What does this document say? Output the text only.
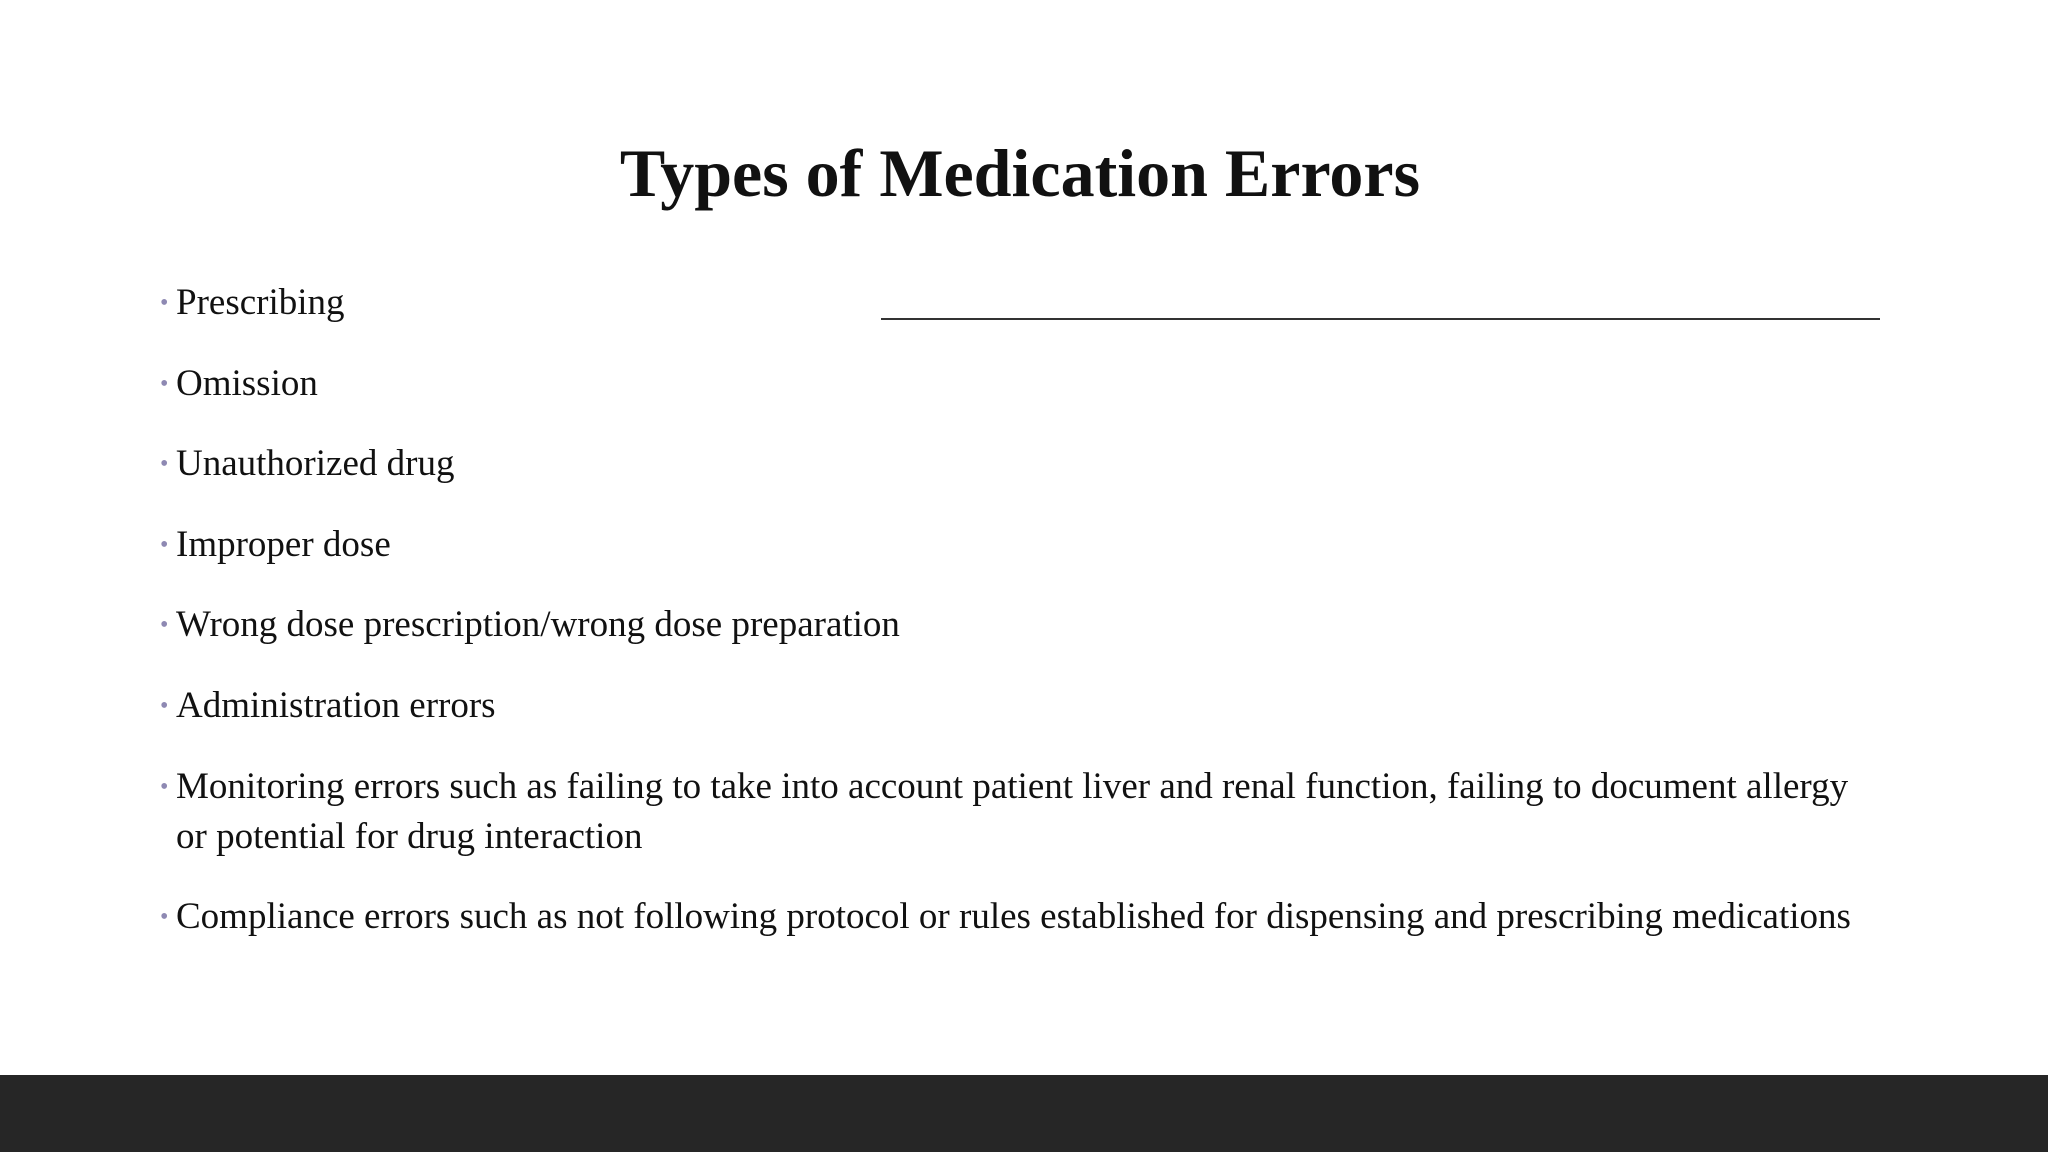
Types of Medication Errors
• Prescribing
• Omission
• Unauthorized drug
• Improper dose
• Wrong dose prescription/wrong dose preparation
• Administration errors
• Monitoring errors such as failing to take into account patient liver and renal function, failing to document allergy or potential for drug interaction
• Compliance errors such as not following protocol or rules established for dispensing and prescribing medications
